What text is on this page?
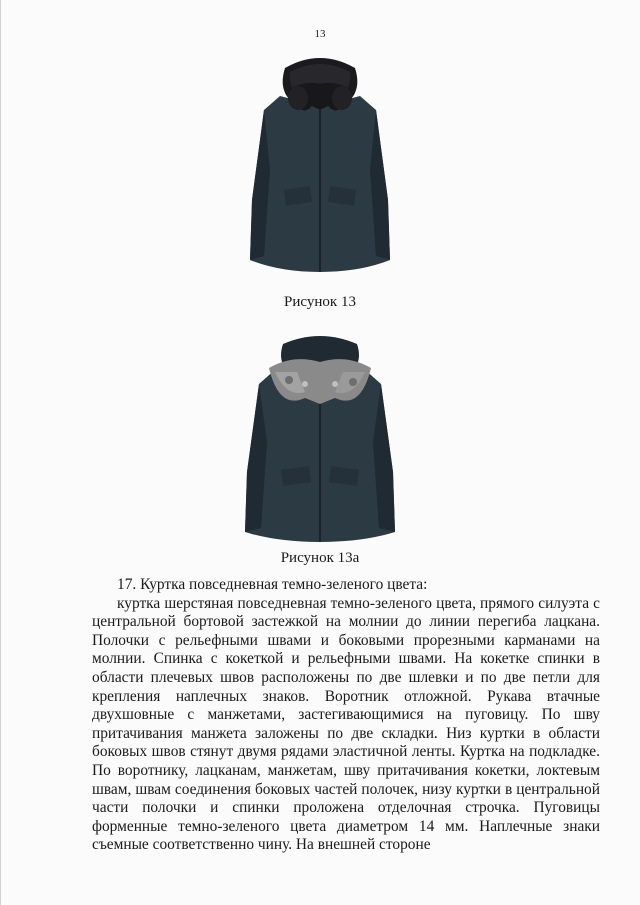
13
Рисунок 13
Рисунок 13а

17. Куртка повседневная темно-зеленого цвета:

куртка шерстяная повседневная темно-зеленого цвета, прямого силуэта с центральной бортовой застежкой на молнии до линии перегиба лацкана. Полочки с рельефными швами и боковыми прорезными карманами на молнии. Спинка с кокеткой и рельефными швами. На кокетке спинки в области плечевых швов расположены по две шлевки и по две петли для крепления наплечных знаков. Воротник отложной. Рукава втачные двухшовные с манжетами, застегивающимися на пуговицу. По шву притачивания манжета заложены по две складки. Низ куртки в области боковых швов стянут двумя рядами эластичной ленты. Куртка на подкладке. По воротнику, лацканам, манжетам, шву притачивания кокетки, локтевым швам, швам соединения боковых частей полочек, низу куртки в центральной части полочки и спинки проложена отделочная строчка. Пуговицы форменные темно-зеленого цвета диаметром 14 мм. Наплечные знаки съемные соответственно чину. На внешней стороне
